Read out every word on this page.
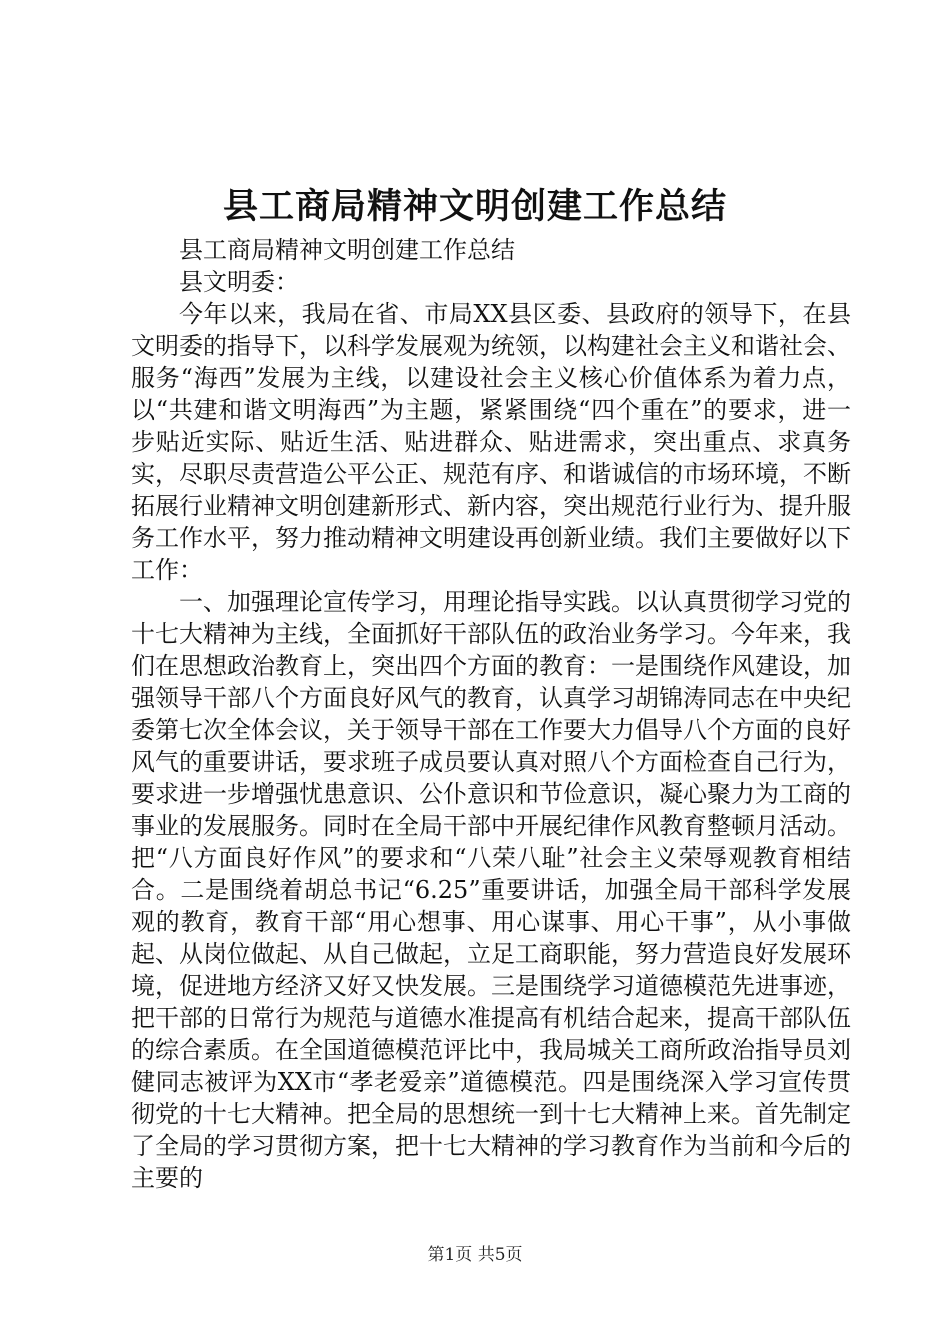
县工商局精神文明创建工作总结

县工商局精神文明创建工作总结

县文明委：

今年以来，我局在省、市局XX县区委、县政府的领导下，在县文明委的指导下，以科学发展观为统领，以构建社会主义和谐社会、服务“海西”发展为主线，以建设社会主义核心价值体系为着力点，以“共建和谐文明海西”为主题，紧紧围绕“四个重在”的要求，进一步贴近实际、贴近生活、贴进群众、贴进需求，突出重点、求真务实，尽职尽责营造公平公正、规范有序、和谐诚信的市场环境，不断拓展行业精神文明创建新形式、新内容，突出规范行业行为、提升服务工作水平，努力推动精神文明建设再创新业绩。我们主要做好以下工作：

一、加强理论宣传学习，用理论指导实践。以认真贯彻学习党的十七大精神为主线，全面抓好干部队伍的政治业务学习。今年来，我们在思想政治教育上，突出四个方面的教育：一是围绕作风建设，加强领导干部八个方面良好风气的教育，认真学习胡锦涛同志在中央纪委第七次全体会议，关于领导干部在工作要大力倡导八个方面的良好风气的重要讲话，要求班子成员要认真对照八个方面检查自己行为，要求进一步增强忧患意识、公仆意识和节俭意识，凝心聚力为工商的事业的发展服务。同时在全局干部中开展纪律作风教育整顿月活动。把“八方面良好作风”的要求和“八荣八耻”社会主义荣辱观教育相结合。二是围绕着胡总书记“6.25”重要讲话，加强全局干部科学发展观的教育，教育干部“用心想事、用心谋事、用心干事”，从小事做起、从岗位做起、从自己做起，立足工商职能，努力营造良好发展环境，促进地方经济又好又快发展。三是围绕学习道德模范先进事迹，把干部的日常行为规范与道德水准提高有机结合起来，提高干部队伍的综合素质。在全国道德模范评比中，我局城关工商所政治指导员刘健同志被评为XX市“孝老爱亲”道德模范。四是围绕深入学习宣传贯彻党的十七大精神。把全局的思想统一到十七大精神上来。首先制定了全局的学习贯彻方案，把十七大精神的学习教育作为当前和今后的主要的

第1页 共5页
